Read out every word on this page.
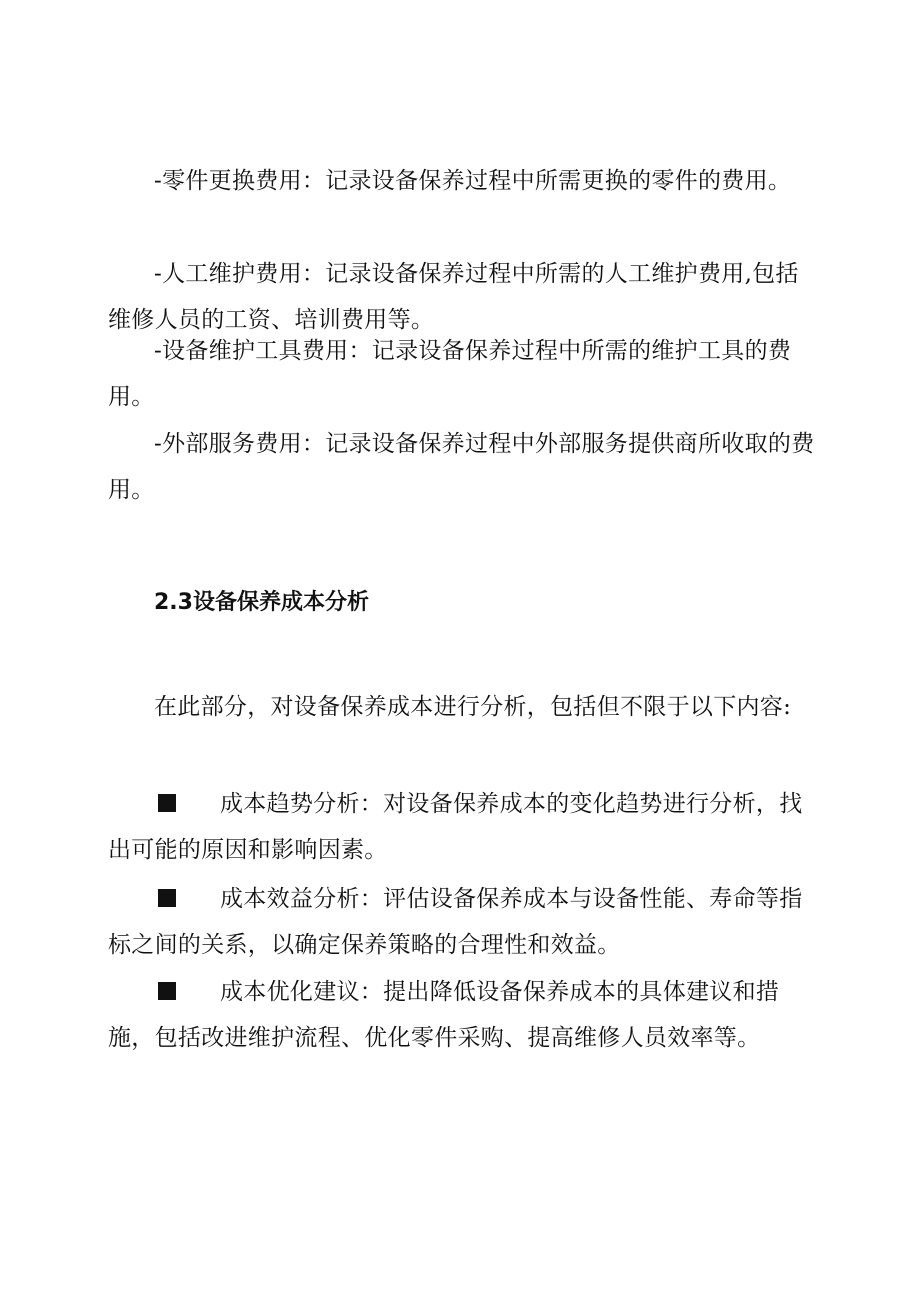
-零件更换费用：记录设备保养过程中所需更换的零件的费用。

-人工维护费用：记录设备保养过程中所需的人工维护费用,包括维修人员的工资、培训费用等。

-设备维护工具费用：记录设备保养过程中所需的维护工具的费用。

-外部服务费用：记录设备保养过程中外部服务提供商所收取的费用。

2.3设备保养成本分析

在此部分，对设备保养成本进行分析，包括但不限于以下内容:

成本趋势分析：对设备保养成本的变化趋势进行分析，找出可能的原因和影响因素。

成本效益分析：评估设备保养成本与设备性能、寿命等指标之间的关系，以确定保养策略的合理性和效益。

成本优化建议：提出降低设备保养成本的具体建议和措施，包括改进维护流程、优化零件采购、提高维修人员效率等。
